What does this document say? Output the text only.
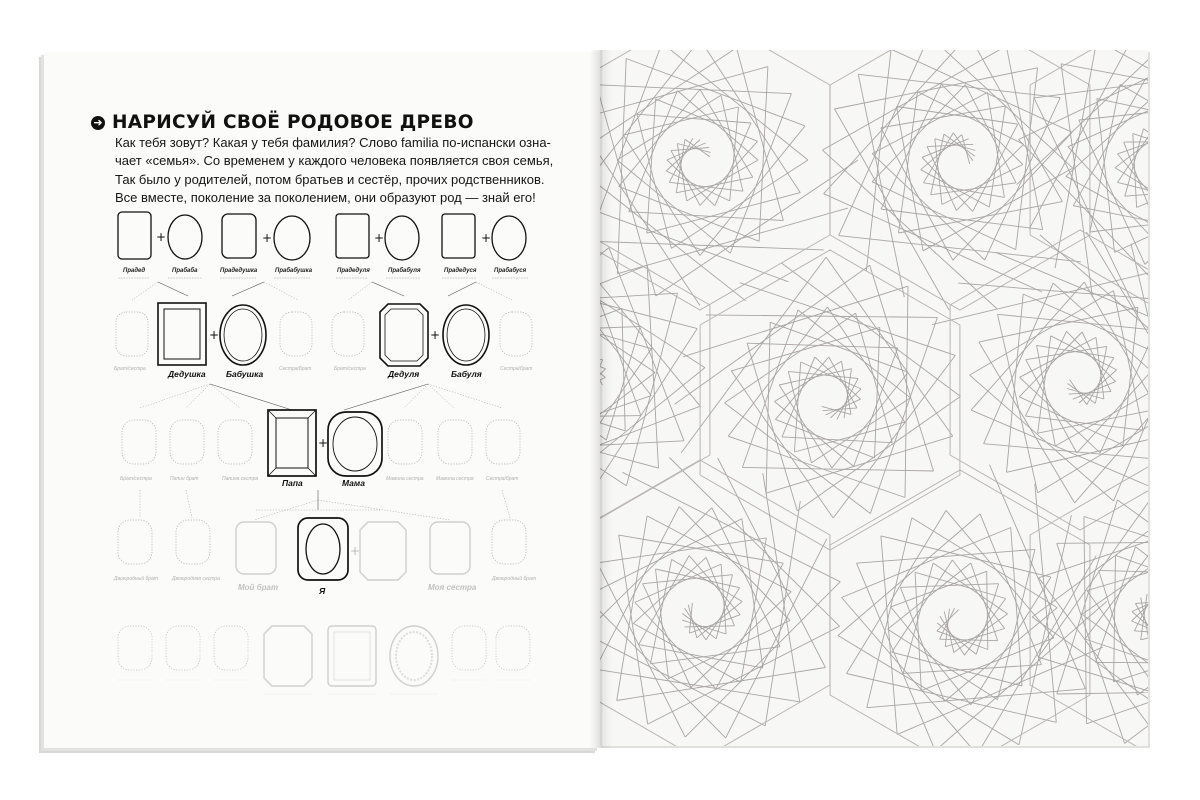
➜ НАРИСУЙ СВОЁ РОДОВОЕ ДРЕВО
Как тебя зовут? Какая у тебя фамилия? Слово familia по-испански озна-
чает «семья». Со временем у каждого человека появляется своя семья,
Так было у родителей, потом братьев и сестёр, прочих родственников.
Все вместе, поколение за поколением, они образуют род — знай его!
+	+	+	+
Прадед	Прабаба	Прадедушка	Прабабушка	Прадедуля	Прабабуля	Прадедуся	Прабабуся
+	+
Брат/сестра	Дедушка Бабушка	Сестра/брат	Брат/сестра	Дедуля	Бабуля	Сестра/брат
+
Брат/сестра	Папин брат	Папина сестра	Папа	Мама	Мамина сестра Мамина сестра Сестра/брат
+
Двоюродный брат	Двоюродная сестра
Мой брат	Я	Моя сестра
Двоюродный брат
